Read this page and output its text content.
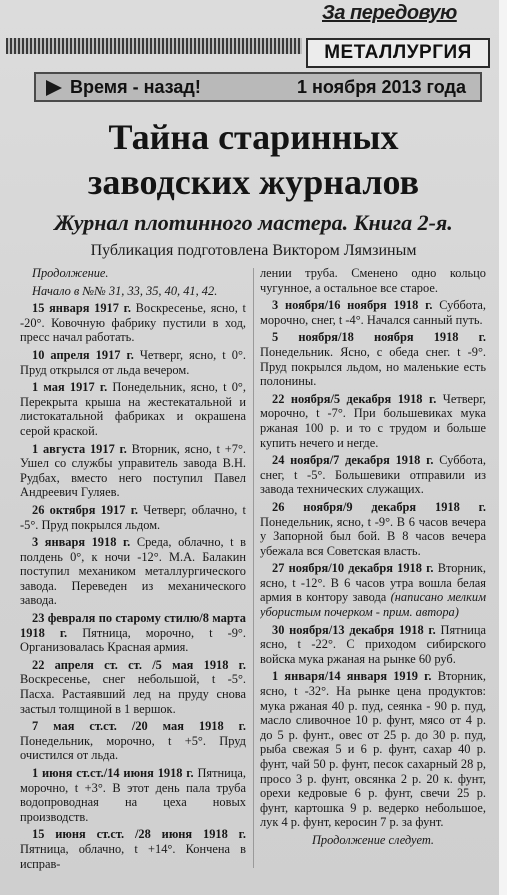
За передовую
МЕТАЛЛУРГИЯ
Время - назад!	1 ноября 2013 года
Тайна старинных
заводских журналов
Журнал плотинного мастера. Книга 2-я.
Публикация подготовлена Виктором Лямзиным

Продолжение.

Начало в №№ 31, 33, 35, 40, 41, 42.

15 января 1917 г. Воскресенье, ясно, t -20°. Ковочную фабрику пустили в ход, пресс начал работать.

10 апреля 1917 г. Четверг, ясно, t 0°. Пруд открылся от льда вечером.

1 мая 1917 г. Понедельник, ясно, t 0°, Перекрыта крыша на жестекатальной и листокатальной фабриках и окрашена серой краской.

1 августа 1917 г. Вторник, ясно, t +7°. Ушел со службы управитель завода В.Н. Рудбах, вместо него поступил Павел Андреевич Гуляев.

26 октября 1917 г. Четверг, облачно, t -5°. Пруд покрылся льдом.

3 января 1918 г. Среда, облачно, t в полдень 0°, к ночи -12°. М.А. Балакин поступил механиком металлургического завода. Переведен из механического завода.

23 февраля по старому стилю/8 марта 1918 г. Пятница, морочно, t -9°. Организовалась Красная армия.

22 апреля ст. ст. /5 мая 1918 г. Воскресенье, снег небольшой, t -5°. Пасха. Растаявший лед на пруду снова застыл толщиной в 1 вершок.

7 мая ст.ст. /20 мая 1918 г. Понедельник, морочно, t +5°. Пруд очистился от льда.

1 июня ст.ст./14 июня 1918 г. Пятница, морочно, t +3°. В этот день пала труба водопроводная на цеха новых производств.

15 июня ст.ст. /28 июня 1918 г. Пятница, облачно, t +14°. Кончена в исправ-

лении труба. Сменено одно кольцо чугунное, а остальное все старое.

3 ноября/16 ноября 1918 г. Суббота, морочно, снег, t -4°. Начался санный путь.

5 ноября/18 ноября 1918 г. Понедельник. Ясно, с обеда снег. t -9°. Пруд покрылся льдом, но маленькие есть полонины.

22 ноября/5 декабря 1918 г. Четверг, морочно, t -7°. При большевиках мука ржаная 100 р. и то с трудом и больше купить нечего и негде.

24 ноября/7 декабря 1918 г. Суббота, снег, t -5°. Большевики отправили из завода технических служащих.

26 ноября/9 декабря 1918 г. Понедельник, ясно, t -9°. В 6 часов вечера у Запорной был бой. В 8 часов вечера убежала вся Советская власть.

27 ноября/10 декабря 1918 г. Вторник, ясно, t -12°. В 6 часов утра вошла белая армия в контору завода (написано мелким убористым почерком - прим. автора)

30 ноября/13 декабря 1918 г. Пятница ясно, t -22°. С приходом сибирского войска мука ржаная на рынке 60 руб.

1 января/14 января 1919 г. Вторник, ясно, t -32°. На рынке цена продуктов: мука ржаная 40 р. пуд, сеянка - 90 р. пуд, масло сливочное 10 р. фунт, мясо от 4 р. до 5 р. фунт., овес от 25 р. до 30 р. пуд, рыба свежая 5 и 6 р. фунт, сахар 40 р. фунт, чай 50 р. фунт, песок сахарный 28 р, просо 3 р. фунт, овсянка 2 р. 20 к. фунт, орехи кедровые 6 р. фунт, свечи 25 р. фунт, картошка 9 р. ведерко небольшое, лук 4 р. фунт, керосин 7 р. за фунт.

Продолжение следует.
